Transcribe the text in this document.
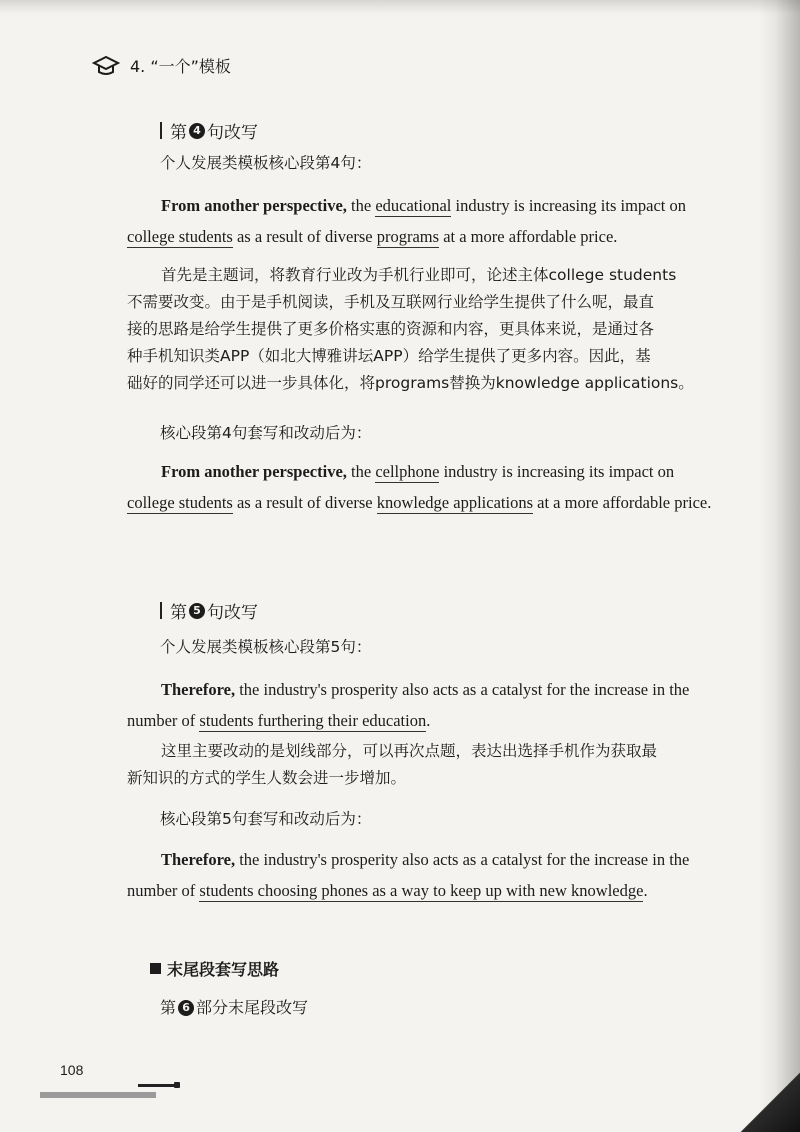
4. “一个”模板
第 4 句改写
个人发展类模板核心段第4句：
From another perspective, the educational industry is increasing its impact on college students as a result of diverse programs at a more affordable price.
首先是主题词，将教育行业改为手机行业即可，论述主体college students
不需要改变。由于是手机阅读，手机及互联网行业给学生提供了什么呢，最直
接的思路是给学生提供了更多价格实惠的资源和内容，更具体来说，是通过各
种手机知识类APP（如北大博雅讲坛APP）给学生提供了更多内容。因此，基
础好的同学还可以进一步具体化，将programs替换为knowledge applications。
核心段第4句套写和改动后为：
From another perspective, the cellphone industry is increasing its impact on college students as a result of diverse knowledge applications at a more affordable price.
第 5 句改写
个人发展类模板核心段第5句：
Therefore, the industry's prosperity also acts as a catalyst for the increase in the number of students furthering their education.
这里主要改动的是划线部分，可以再次点题，表达出选择手机作为获取最
新知识的方式的学生人数会进一步增加。
核心段第5句套写和改动后为：
Therefore, the industry's prosperity also acts as a catalyst for the increase in the number of students choosing phones as a way to keep up with new knowledge.
末尾段套写思路
第 6 部分末尾段改写
108
